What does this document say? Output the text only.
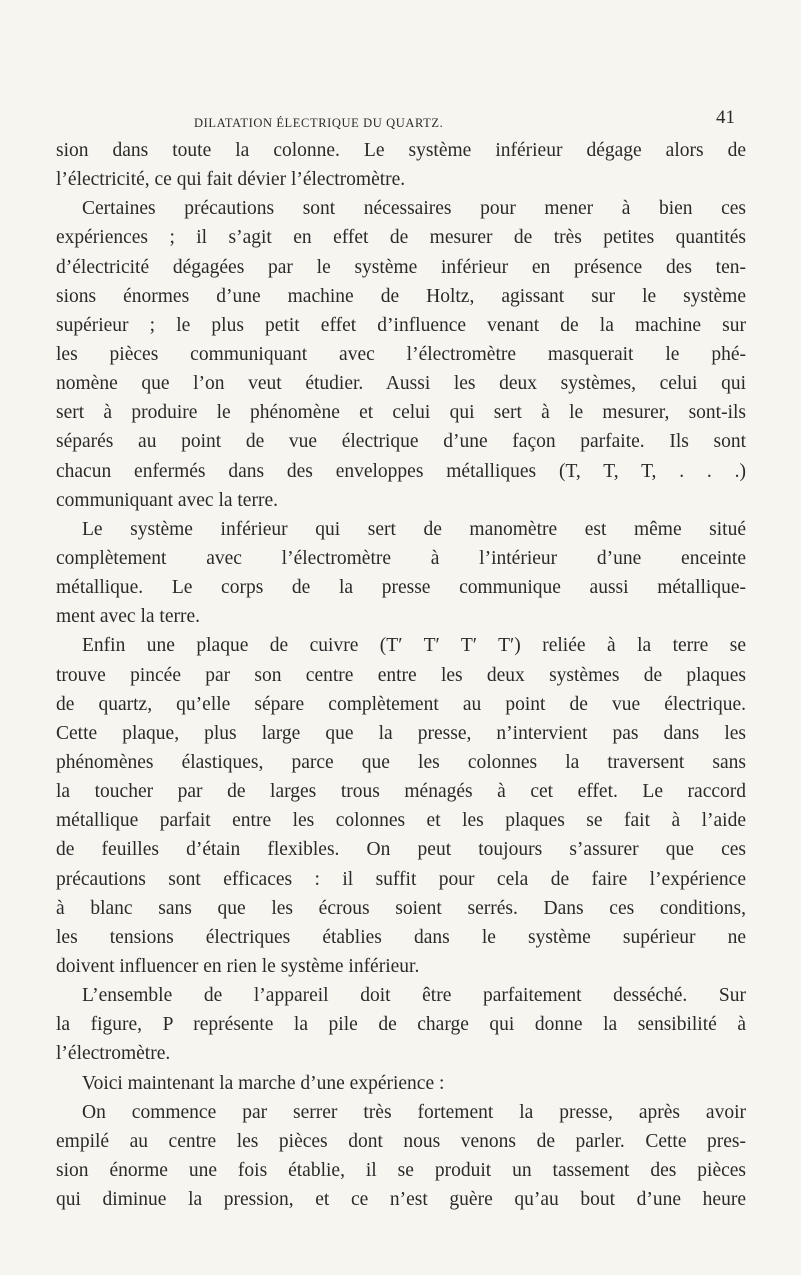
DILATATION ÉLECTRIQUE DU QUARTZ.	41
sion dans toute la colonne. Le système inférieur dégage alors de
l’électricité, ce qui fait dévier l’électromètre.
Certaines précautions sont nécessaires pour mener à bien ces
expériences ; il s’agit en effet de mesurer de très petites quantités
d’électricité dégagées par le système inférieur en présence des ten-
sions énormes d’une machine de Holtz, agissant sur le système
supérieur ; le plus petit effet d’influence venant de la machine sur
les pièces communiquant avec l’électromètre masquerait le phé-
nomène que l’on veut étudier. Aussi les deux systèmes, celui qui
sert à produire le phénomène et celui qui sert à le mesurer, sont-ils
séparés au point de vue électrique d’une façon parfaite. Ils sont
chacun enfermés dans des enveloppes métalliques (T, T, T, . . .)
communiquant avec la terre.
Le système inférieur qui sert de manomètre est même situé
complètement avec l’électromètre à l’intérieur d’une enceinte
métallique. Le corps de la presse communique aussi métallique-
ment avec la terre.
Enfin une plaque de cuivre (T′ T′ T′ T′) reliée à la terre se
trouve pincée par son centre entre les deux systèmes de plaques
de quartz, qu’elle sépare complètement au point de vue électrique.
Cette plaque, plus large que la presse, n’intervient pas dans les
phénomènes élastiques, parce que les colonnes la traversent sans
la toucher par de larges trous ménagés à cet effet. Le raccord
métallique parfait entre les colonnes et les plaques se fait à l’aide
de feuilles d’étain flexibles. On peut toujours s’assurer que ces
précautions sont efficaces : il suffit pour cela de faire l’expérience
à blanc sans que les écrous soient serrés. Dans ces conditions,
les tensions électriques établies dans le système supérieur ne
doivent influencer en rien le système inférieur.
L’ensemble de l’appareil doit être parfaitement desséché. Sur
la figure, P représente la pile de charge qui donne la sensibilité à
l’électromètre.
Voici maintenant la marche d’une expérience :
On commence par serrer très fortement la presse, après avoir
empilé au centre les pièces dont nous venons de parler. Cette pres-
sion énorme une fois établie, il se produit un tassement des pièces
qui diminue la pression, et ce n’est guère qu’au bout d’une heure
